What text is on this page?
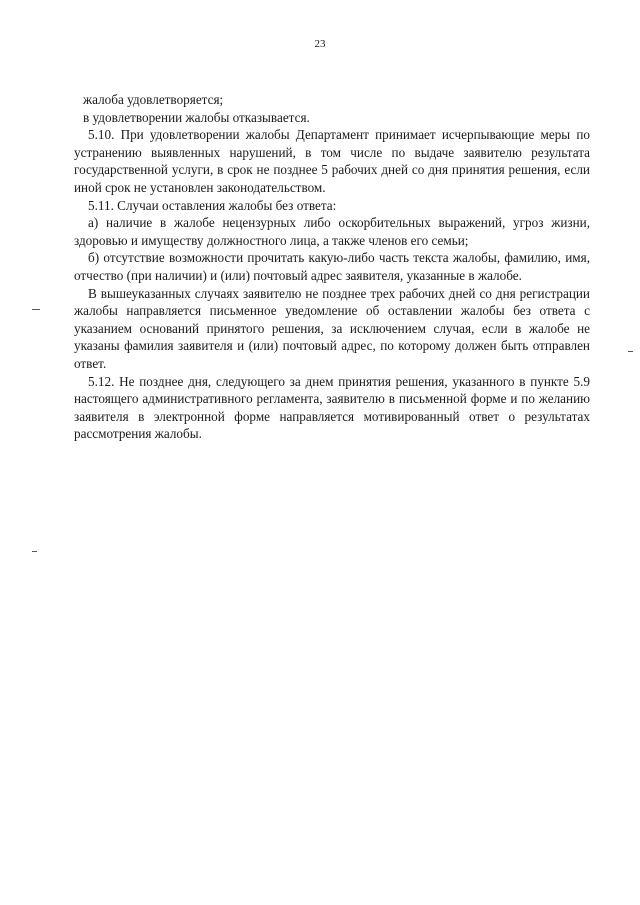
23

жалоба удовлетворяется;

в удовлетворении жалобы отказывается.

5.10. При удовлетворении жалобы Департамент принимает исчерпывающие меры по устранению выявленных нарушений, в том числе по выдаче заявителю результата государственной услуги, в срок не позднее 5 рабочих дней со дня принятия решения, если иной срок не установлен законодательством.

5.11. Случаи оставления жалобы без ответа:

а) наличие в жалобе нецензурных либо оскорбительных выражений, угроз жизни, здоровью и имуществу должностного лица, а также членов его семьи;

б) отсутствие возможности прочитать какую-либо часть текста жалобы, фамилию, имя, отчество (при наличии) и (или) почтовый адрес заявителя, указанные в жалобе.

В вышеуказанных случаях заявителю не позднее трех рабочих дней со дня регистрации жалобы направляется письменное уведомление об оставлении жалобы без ответа с указанием оснований принятого решения, за исключением случая, если в жалобе не указаны фамилия заявителя и (или) почтовый адрес, по которому должен быть отправлен ответ.

5.12. Не позднее дня, следующего за днем принятия решения, указанного в пункте 5.9 настоящего административного регламента, заявителю в письменной форме и по желанию заявителя в электронной форме направляется мотивированный ответ о результатах рассмотрения жалобы.
